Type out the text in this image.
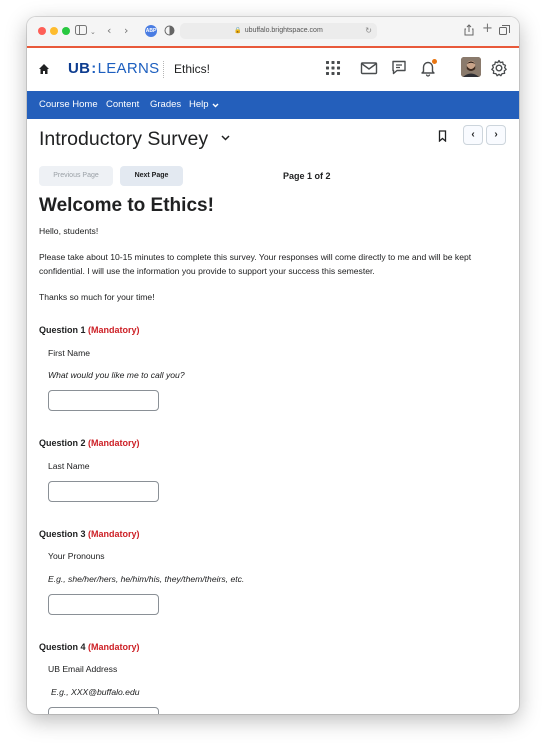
⌄ ‹ ›	ABP	🔒 ubuffalo.brightspace.com	↻	+
UB:LEARNS Ethics!
Course Home Content Grades Help
Introductory Survey	‹	›
Previous Page	Next Page	Page 1 of 2
Welcome to Ethics!
Hello, students!
Please take about 10-15 minutes to complete this survey. Your responses will come directly to me and will be kept confidential. I will use the information you provide to support your success this semester.
Thanks so much for your time!
Question 1 (Mandatory)
First Name
What would you like me to call you?
Question 2 (Mandatory)
Last Name
Question 3 (Mandatory)
Your Pronouns
E.g., she/her/hers, he/him/his, they/them/theirs, etc.
Question 4 (Mandatory)
UB Email Address
E.g., XXX@buffalo.edu
